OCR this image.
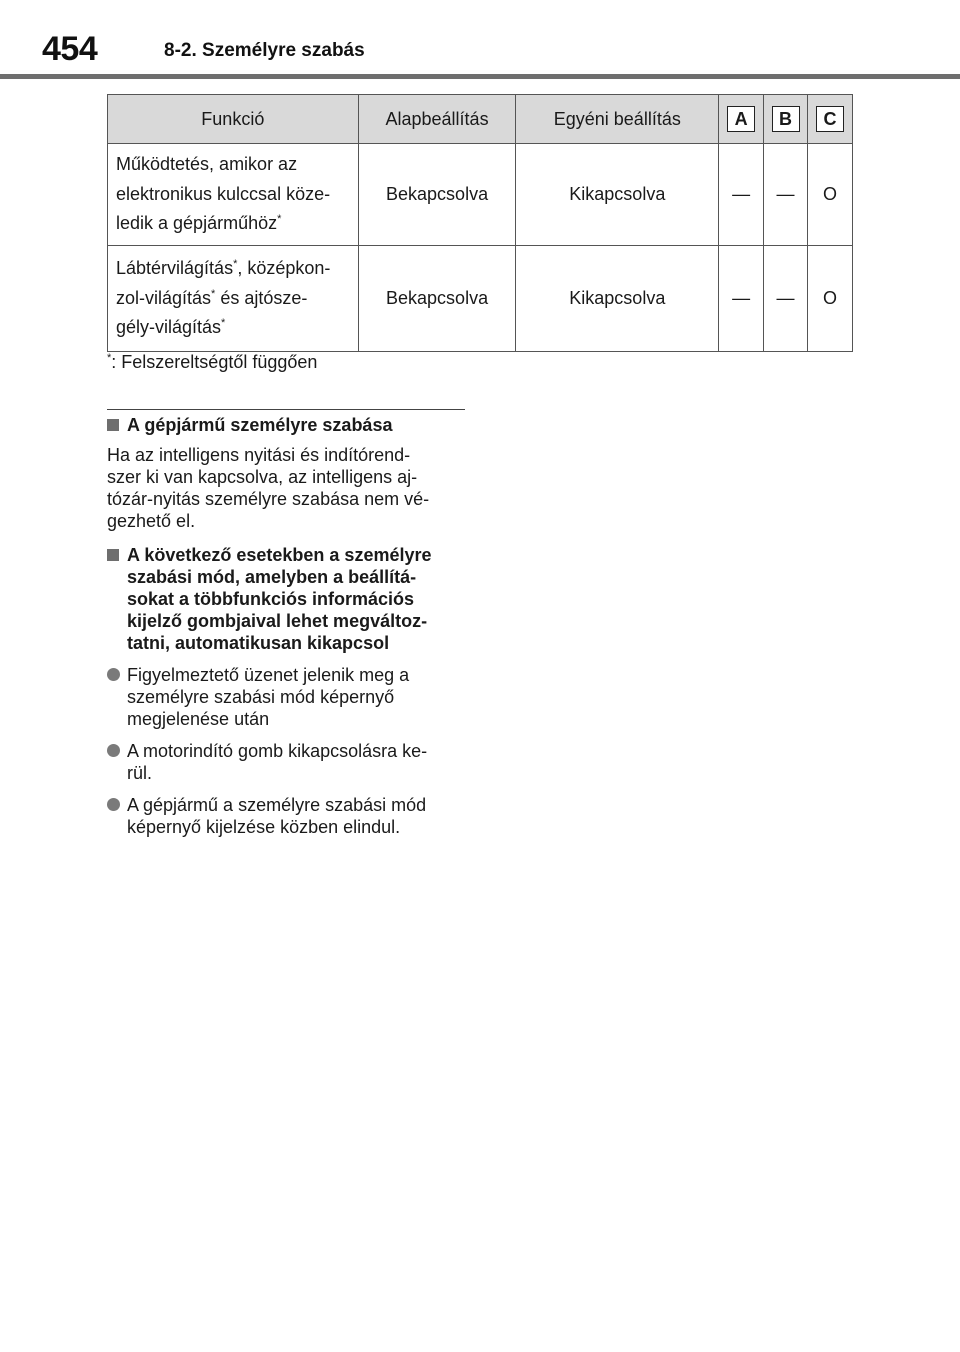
454	8-2. Személyre szabás
Funkció	Alapbeállítás	Egyéni beállítás	A	B	C
Működtetés, amikor az
elektronikus kulccsal köze-
ledik a gépjárműhöz*	Bekapcsolva	Kikapcsolva	—	—	O
Lábtérvilágítás*, középkon-
zol-világítás* és ajtósze-
gély-világítás*	Bekapcsolva	Kikapcsolva	—	—	O
*: Felszereltségtől függően
A gépjármű személyre szabása
Ha az intelligens nyitási és indítórend-
szer ki van kapcsolva, az intelligens aj-
tózár-nyitás személyre szabása nem vé-
gezhető el.
A következő esetekben a személyre
szabási mód, amelyben a beállítá-
sokat a többfunkciós információs
kijelző gombjaival lehet megváltoz-
tatni, automatikusan kikapcsol
Figyelmeztető üzenet jelenik meg a
személyre szabási mód képernyő
megjelenése után
A motorindító gomb kikapcsolásra ke-
rül.
A gépjármű a személyre szabási mód
képernyő kijelzése közben elindul.
